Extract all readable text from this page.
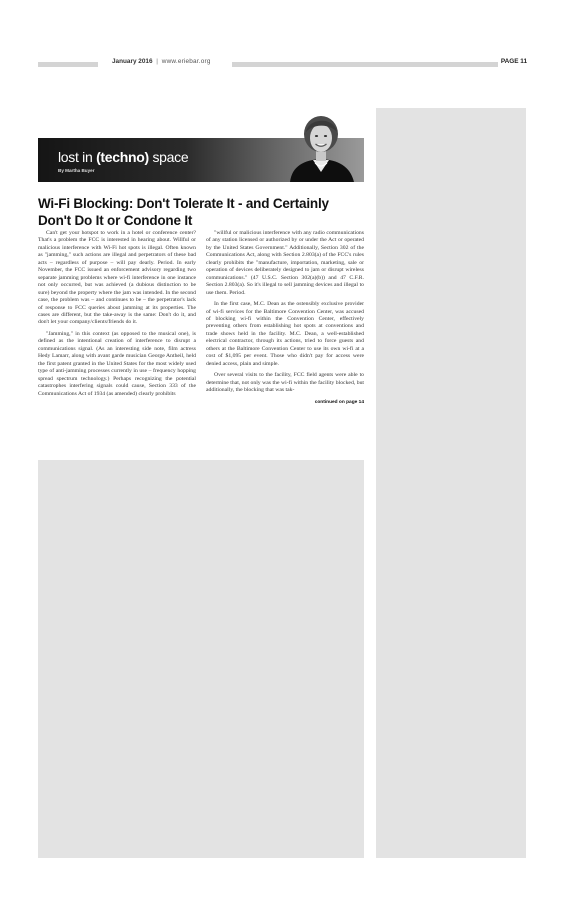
January 2016 | www.eriebar.org	PAGE 11
lost in (techno) space
By Martha Buyer
Wi-Fi Blocking: Don't Tolerate It - and Certainly Don't Do It or Condone It

Can't get your hotspot to work in a hotel or conference center? That's a problem the FCC is interested in hearing about. Willful or malicious interference with Wi-Fi hot spots is illegal. Often known as "jamming," such actions are illegal and perpetrators of these bad acts – regardless of purpose – will pay dearly. Period. In early November, the FCC issued an enforcement advisory regarding two separate jamming problems where wi-fi interference in one instance not only occurred, but was achieved (a dubious distinction to be sure) beyond the property where the jam was intended. In the second case, the problem was – and continues to be – the perpetrator's lack of response to FCC queries about jamming at its properties. The cases are different, but the take-away is the same: Don't do it, and don't let your company/clients/friends do it.

"Jamming," in this context (as opposed to the musical one), is defined as the intentional creation of interference to disrupt a communications signal. (As an interesting side note, film actress Hedy Lamarr, along with avant garde musician George Antheil, held the first patent granted in the United States for the most widely used type of anti-jamming processes currently in use – frequency hopping spread spectrum technology.) Perhaps recognizing the potential catastrophes interfering signals could cause, Section 333 of the Communications Act of 1934 (as amended) clearly prohibits

"willful or malicious interference with any radio communications of any station licensed or authorized by or under the Act or operated by the United States Government." Additionally, Section 302 of the Communications Act, along with Section 2.803(a) of the FCC's rules clearly prohibits the "manufacture, importation, marketing, sale or operation of devices deliberately designed to jam or disrupt wireless communications." (47 U.S.C. Section 302(a)(b)) and 47 C.F.R. Section 2.803(a). So it's illegal to sell jamming devices and illegal to use them. Period.

In the first case, M.C. Dean as the ostensibly exclusive provider of wi-fi services for the Baltimore Convention Center, was accused of blocking wi-fi within the Convention Center, effectively preventing others from establishing hot spots at conventions and trade shows held in the facility. M.C. Dean, a well-established electrical contractor, through its actions, tried to force guests and others at the Baltimore Convention Center to use its own wi-fi at a cost of $1,095 per event. Those who didn't pay for access were denied access, plain and simple.

Over several visits to the facility, FCC field agents were able to determine that, not only was the wi-fi within the facility blocked, but additionally, the blocking that was tak-

continued on page 14
